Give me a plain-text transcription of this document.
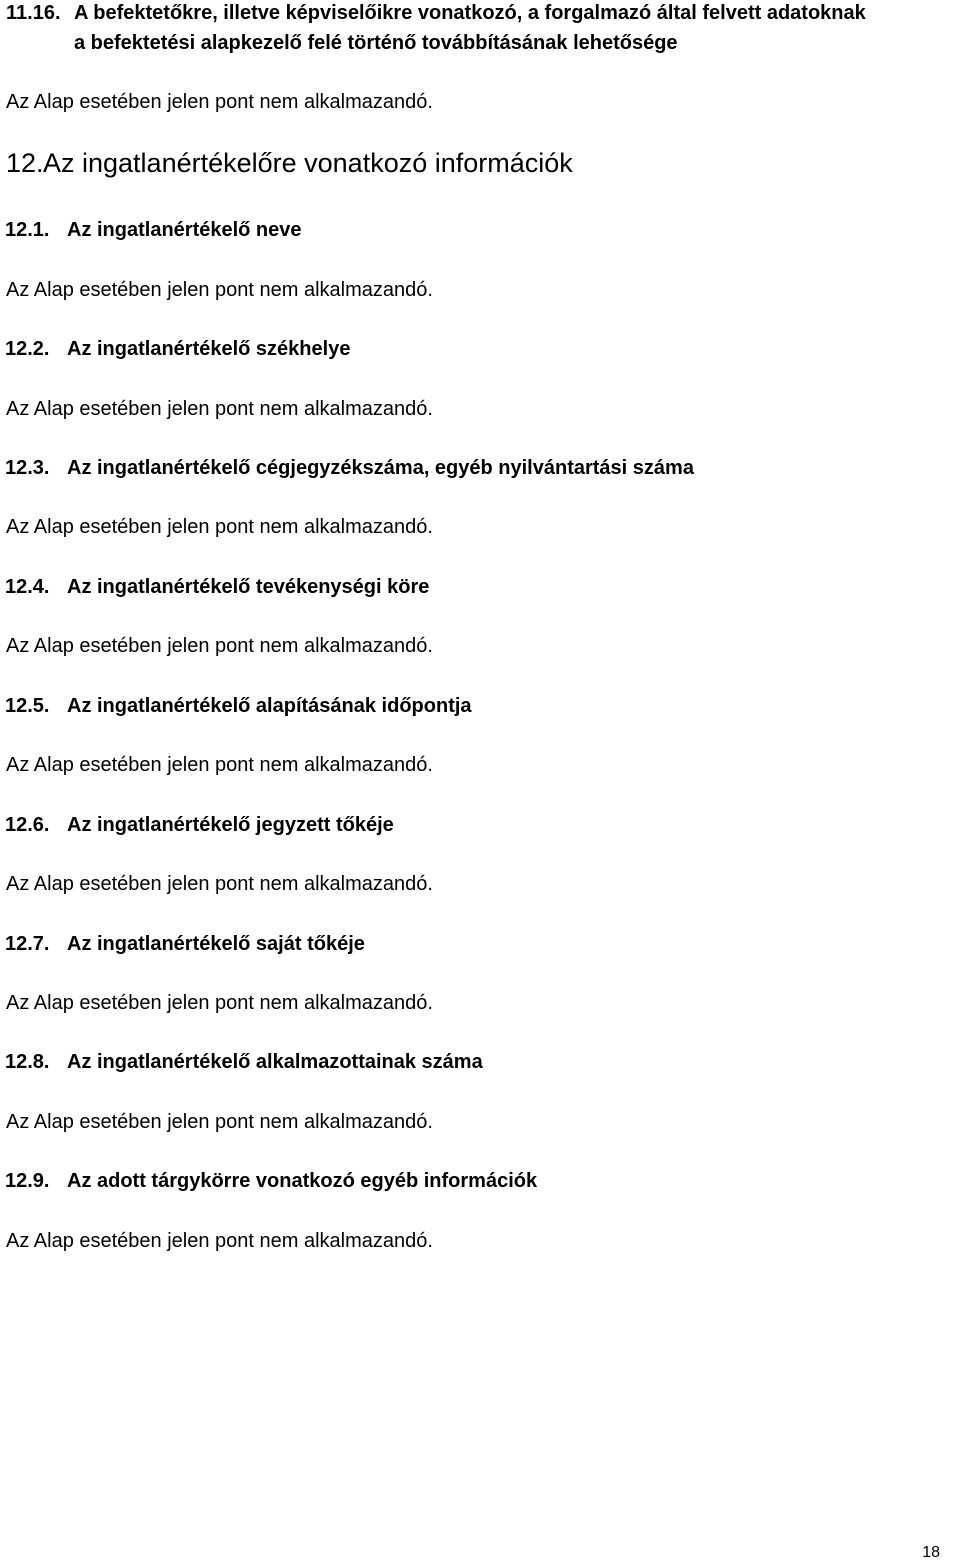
11.16. A befektetőkre, illetve képviselőikre vonatkozó, a forgalmazó által felvett adatoknak
a befektetési alapkezelő felé történő továbbításának lehetősége
Az Alap esetében jelen pont nem alkalmazandó.
12.Az ingatlanértékelőre vonatkozó információk
12.1. Az ingatlanértékelő neve
Az Alap esetében jelen pont nem alkalmazandó.
12.2. Az ingatlanértékelő székhelye
Az Alap esetében jelen pont nem alkalmazandó.
12.3. Az ingatlanértékelő cégjegyzékszáma, egyéb nyilvántartási száma
Az Alap esetében jelen pont nem alkalmazandó.
12.4. Az ingatlanértékelő tevékenységi köre
Az Alap esetében jelen pont nem alkalmazandó.
12.5. Az ingatlanértékelő alapításának időpontja
Az Alap esetében jelen pont nem alkalmazandó.
12.6. Az ingatlanértékelő jegyzett tőkéje
Az Alap esetében jelen pont nem alkalmazandó.
12.7. Az ingatlanértékelő saját tőkéje
Az Alap esetében jelen pont nem alkalmazandó.
12.8. Az ingatlanértékelő alkalmazottainak száma
Az Alap esetében jelen pont nem alkalmazandó.
12.9. Az adott tárgykörre vonatkozó egyéb információk
Az Alap esetében jelen pont nem alkalmazandó.
18
